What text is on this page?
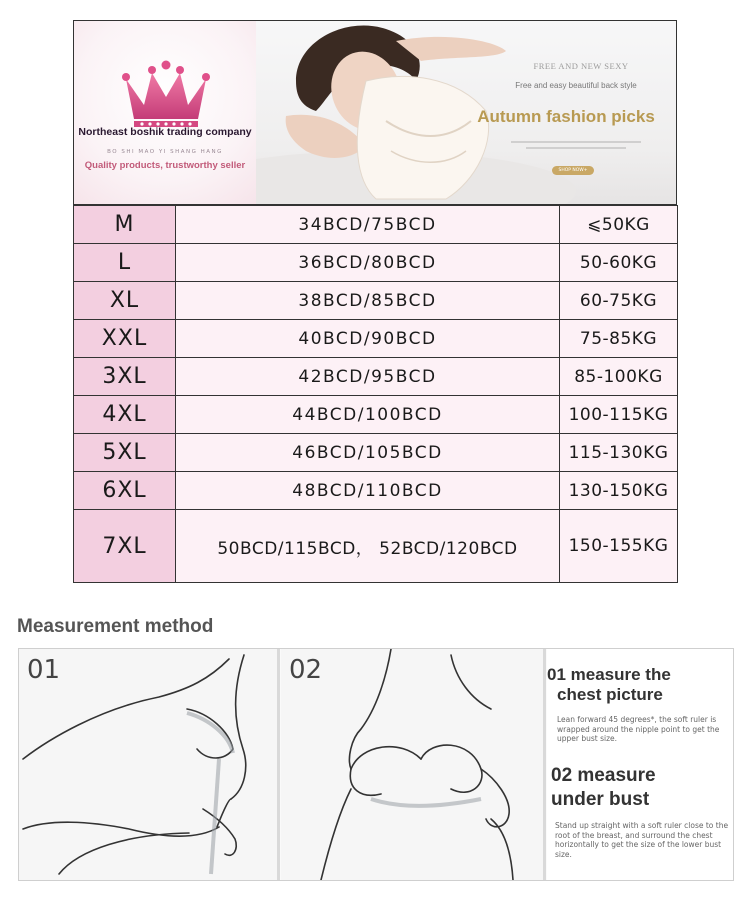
Northeast boshik trading company
BO SHI MAO YI SHANG HANG
Quality products, trustworthy seller
FREE AND NEW SEXY
Free and easy beautiful back style
Autumn fashion picks
SHOP NOW+
M	34BCD/75BCD	⩽50KG
L	36BCD/80BCD	50-60KG
XL	38BCD/85BCD	60-75KG
XXL	40BCD/90BCD	75-85KG
3XL	42BCD/95BCD	85-100KG
4XL	44BCD/100BCD	100-115KG
5XL	46BCD/105BCD	115-130KG
6XL	48BCD/110BCD	130-150KG
7XL	50BCD/115BCD， 52BCD/120BCD	150-155KG
Measurement method
01	02	01 measure the
chest picture
Lean forward 45 degrees*, the soft ruler is wrapped around the nipple point to get the upper bust size.
02 measure
under bust
Stand up straight with a soft ruler close to the root of the breast, and surround the chest horizontally to get the size of the lower bust size.
